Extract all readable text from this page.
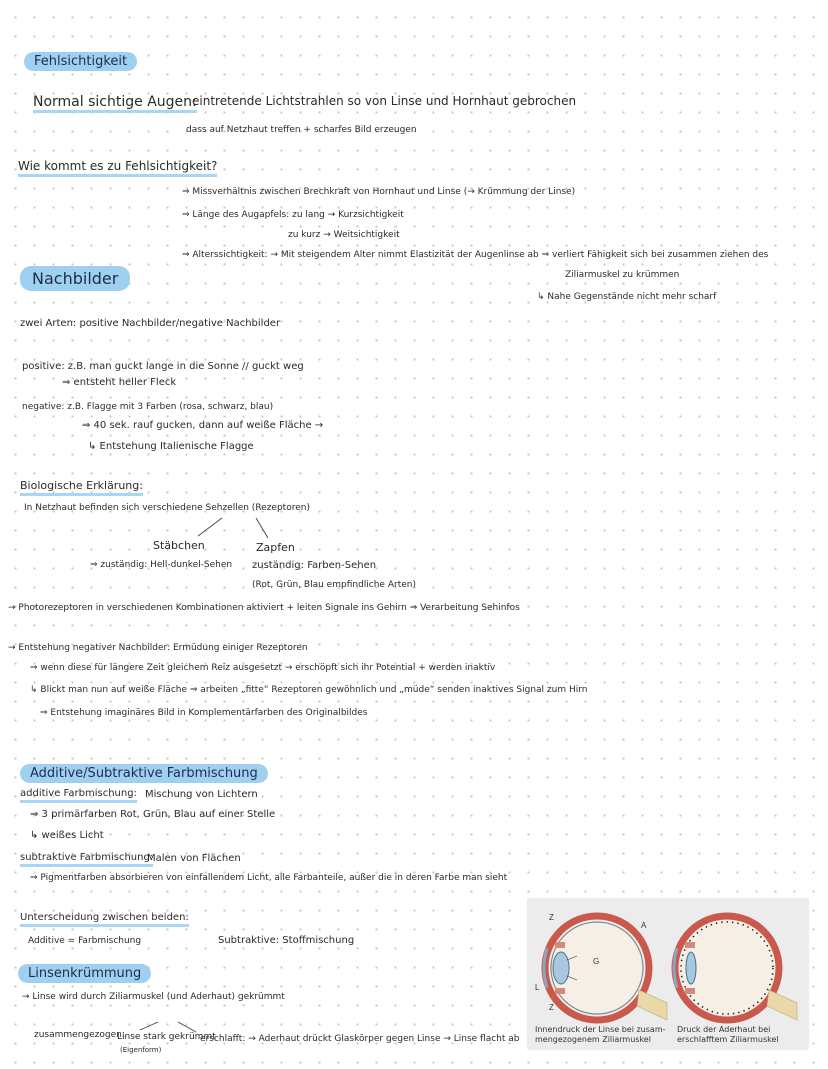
Fehlsichtigkeit
Normal sichtige Augen:
eintretende Lichtstrahlen so von Linse und Hornhaut gebrochen
dass auf Netzhaut treffen + scharfes Bild erzeugen
Wie kommt es zu Fehlsichtigkeit?
⇒ Missverhältnis zwischen Brechkraft von Hornhaut und Linse (→ Krümmung der Linse)
⇒ Länge des Augapfels: zu lang → Kurzsichtigkeit
zu kurz → Weitsichtigkeit
⇒ Alterssichtigkeit: → Mit steigendem Alter nimmt Elastizität der Augenlinse ab ⇒ verliert Fähigkeit sich bei zusammen ziehen des
Ziliarmuskel zu krümmen
↳ Nahe Gegenstände nicht mehr scharf
Nachbilder
zwei Arten: positive Nachbilder/negative Nachbilder
positive: z.B. man guckt lange in die Sonne // guckt weg
⇒ entsteht heller Fleck
negative: z.B. Flagge mit 3 Farben (rosa, schwarz, blau)
⇒ 40 sek. rauf gucken, dann auf weiße Fläche →
↳ Entstehung Italienische Flagge
Biologische Erklärung:
In Netzhaut befinden sich verschiedene Sehzellen (Rezeptoren)
Stäbchen
⇒ zuständig: Hell-dunkel-Sehen
Zapfen
zuständig: Farben-Sehen
(Rot, Grün, Blau empfindliche Arten)
→ Photorezeptoren in verschiedenen Kombinationen aktiviert + leiten Signale ins Gehirn ⇒ Verarbeitung Sehinfos
→ Entstehung negativer Nachbilder: Ermüdung einiger Rezeptoren
⇒ wenn diese für längere Zeit gleichem Reiz ausgesetzt → erschöpft sich ihr Potential + werden inaktiv
↳ Blickt man nun auf weiße Fläche ⇒ arbeiten „fitte“ Rezeptoren gewöhnlich und „müde“ senden inaktives Signal zum Hirn
⇒ Entstehung imaginäres Bild in Komplementärfarben des Originalbildes
Additive/Subtraktive Farbmischung
additive Farbmischung: Mischung von Lichtern
⇒ 3 primärfarben Rot, Grün, Blau auf einer Stelle
↳ weißes Licht
subtraktive Farbmischung:
Malen von Flächen
⇒ Pigmentfarben absorbieren von einfallendem Licht, alle Farbanteile, außer die in deren Farbe man sieht
Unterscheidung zwischen beiden:
Additive = Farbmischung	Subtraktive: Stoffmischung
Linsenkrümmung
→ Linse wird durch Ziliarmuskel (und Aderhaut) gekrümmt
zusammengezogen:
Linse stark gekrümmt
(Eigenform)
erschlafft: → Aderhaut drückt Glaskörper gegen Linse → Linse flacht ab
Z
A
G
L
Z
Innendruck der Linse bei zusam-
mengezogenem Ziliarmuskel
Druck der Aderhaut bei
erschlafftem Ziliarmuskel
